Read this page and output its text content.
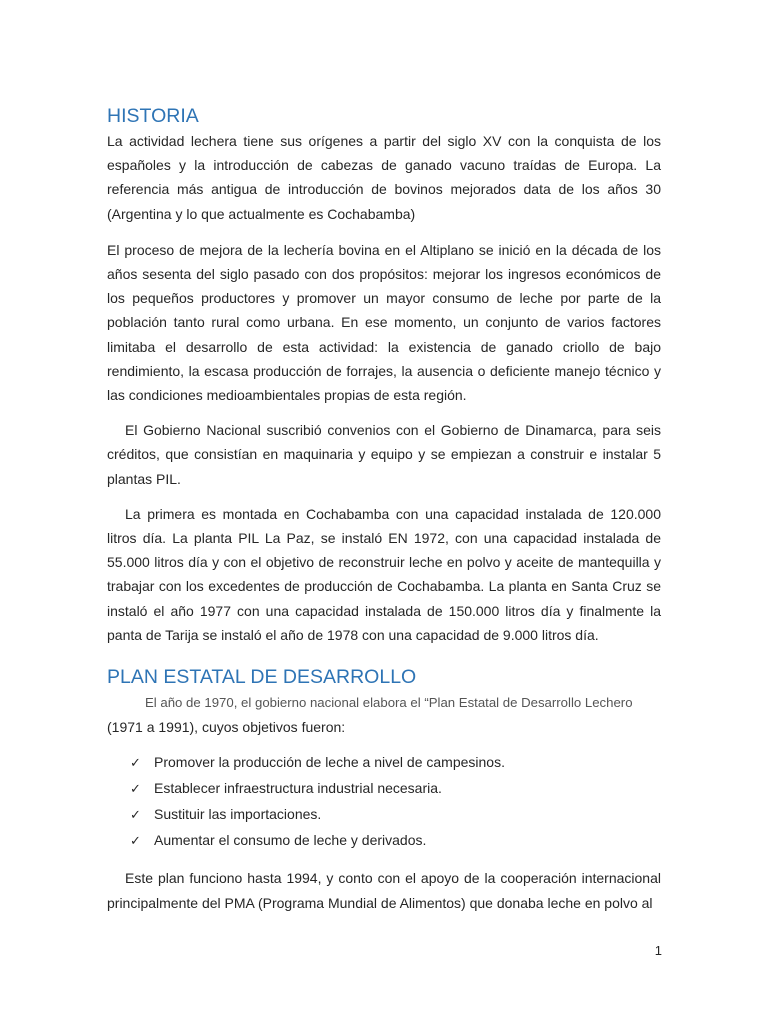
HISTORIA

La actividad lechera tiene sus orígenes a partir del siglo XV con la conquista de los españoles y la introducción de cabezas de ganado vacuno traídas de Europa. La referencia más antigua de introducción de bovinos mejorados data de los años 30 (Argentina y lo que actualmente es Cochabamba)

El proceso de mejora de la lechería bovina en el Altiplano se inició en la década de los años sesenta del siglo pasado con dos propósitos: mejorar los ingresos económicos de los pequeños productores y promover un mayor consumo de leche por parte de la población tanto rural como urbana. En ese momento, un conjunto de varios factores limitaba el desarrollo de esta actividad: la existencia de ganado criollo de bajo rendimiento, la escasa producción de forrajes, la ausencia o deficiente manejo técnico y las condiciones medioambientales propias de esta región.

El Gobierno Nacional suscribió convenios con el Gobierno de Dinamarca, para seis créditos, que consistían en maquinaria y equipo y se empiezan a construir e instalar 5 plantas PIL.

La primera es montada en Cochabamba con una capacidad instalada de 120.000 litros día. La planta PIL La Paz, se instaló EN 1972, con una capacidad instalada de 55.000 litros día y con el objetivo de reconstruir leche en polvo y aceite de mantequilla y trabajar con los excedentes de producción de Cochabamba. La planta en Santa Cruz se instaló el año 1977 con una capacidad instalada de 150.000 litros día y finalmente la panta de Tarija se instaló el año de 1978 con una capacidad de 9.000 litros día.

PLAN ESTATAL DE DESARROLLO

El año de 1970, el gobierno nacional elabora el “Plan Estatal de Desarrollo Lechero
(1971 a 1991), cuyos objetivos fueron:

✓ Promover la producción de leche a nivel de campesinos.
✓ Establecer infraestructura industrial necesaria.
✓ Sustituir las importaciones.
✓ Aumentar el consumo de leche y derivados.

Este plan funciono hasta 1994, y conto con el apoyo de la cooperación internacional principalmente del PMA (Programa Mundial de Alimentos) que donaba leche en polvo al

1
